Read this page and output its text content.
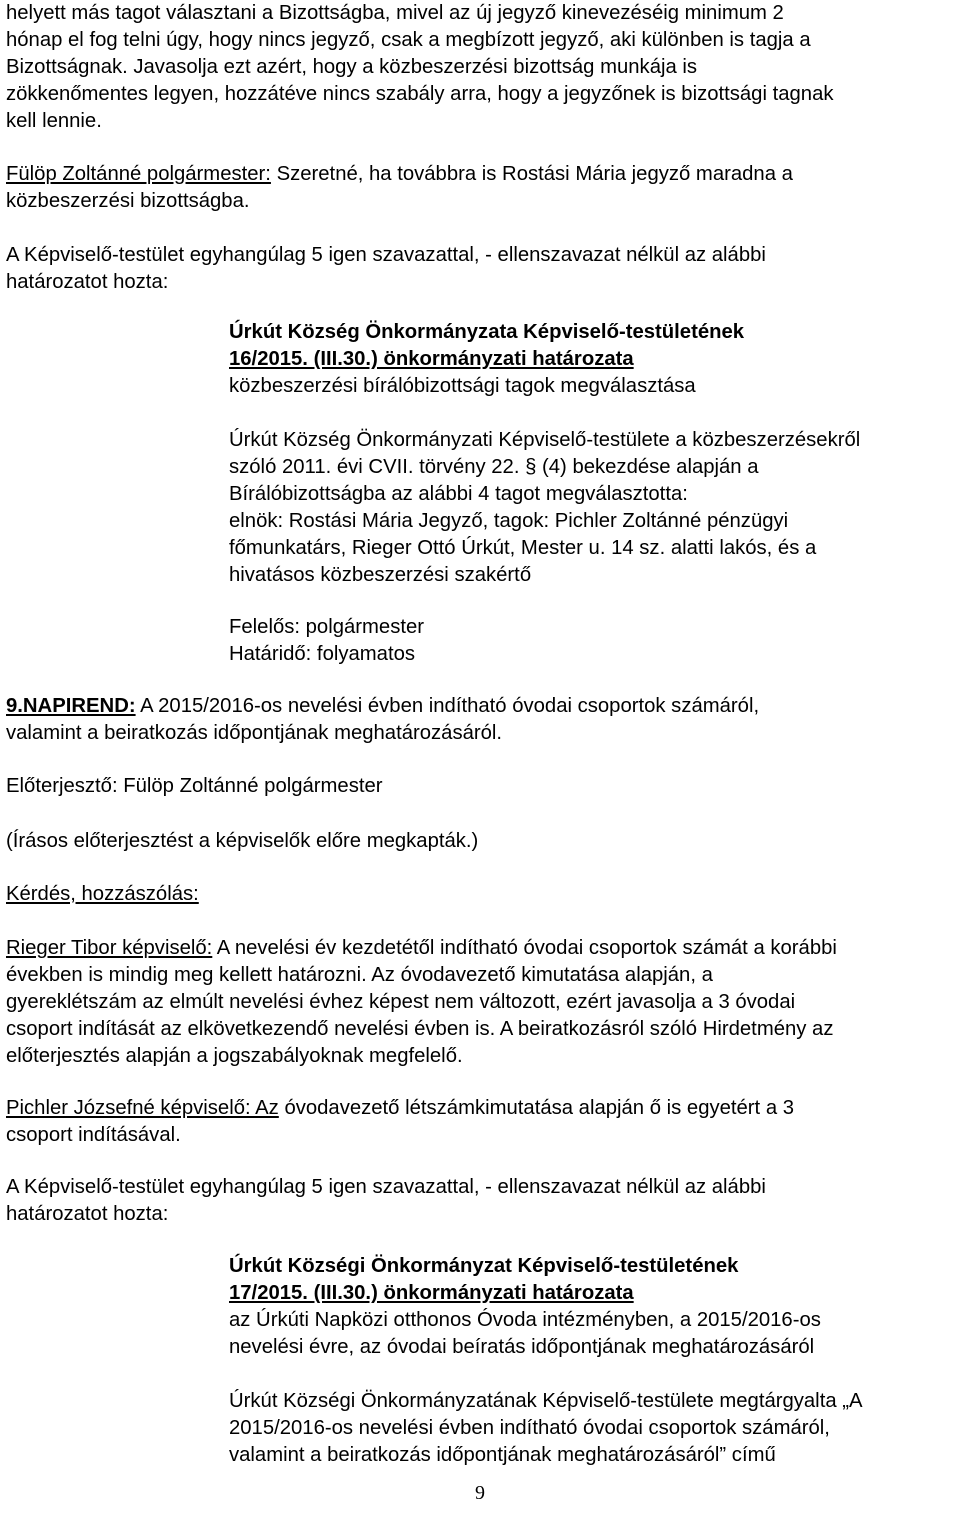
helyett más tagot választani a Bizottságba, mivel az új jegyző kinevezéséig minimum 2
hónap el fog telni úgy, hogy nincs jegyző, csak a megbízott jegyző, aki különben is tagja a
Bizottságnak. Javasolja ezt azért, hogy a közbeszerzési bizottság munkája is
zökkenőmentes legyen, hozzátéve nincs szabály arra, hogy a jegyzőnek is bizottsági tagnak
kell lennie.
Fülöp Zoltánné polgármester: Szeretné, ha továbbra is Rostási Mária jegyző maradna a
közbeszerzési bizottságba.
A Képviselő-testület egyhangúlag 5 igen szavazattal, - ellenszavazat nélkül az alábbi
határozatot hozta:
Úrkút Község Önkormányzata Képviselő-testületének
16/2015. (III.30.) önkormányzati határozata
közbeszerzési bírálóbizottsági tagok megválasztása
Úrkút Község Önkormányzati Képviselő-testülete a közbeszerzésekről
szóló 2011. évi CVII. törvény 22. § (4) bekezdése alapján a
Bírálóbizottságba az alábbi 4 tagot megválasztotta:
elnök: Rostási Mária Jegyző, tagok: Pichler Zoltánné pénzügyi
főmunkatárs, Rieger Ottó Úrkút, Mester u. 14 sz. alatti lakós, és a
hivatásos közbeszerzési szakértő
Felelős: polgármester
Határidő: folyamatos
9.NAPIREND: A 2015/2016-os nevelési évben indítható óvodai csoportok számáról,
valamint a beiratkozás időpontjának meghatározásáról.
Előterjesztő: Fülöp Zoltánné polgármester
(Írásos előterjesztést a képviselők előre megkapták.)
Kérdés, hozzászólás:
Rieger Tibor képviselő: A nevelési év kezdetétől indítható óvodai csoportok számát a korábbi
években is mindig meg kellett határozni. Az óvodavezető kimutatása alapján, a
gyereklétszám az elmúlt nevelési évhez képest nem változott, ezért javasolja a 3 óvodai
csoport indítását az elkövetkezendő nevelési évben is. A beiratkozásról szóló Hirdetmény az
előterjesztés alapján a jogszabályoknak megfelelő.
Pichler Józsefné képviselő: Az óvodavezető létszámkimutatása alapján ő is egyetért a 3
csoport indításával.
A Képviselő-testület egyhangúlag 5 igen szavazattal, - ellenszavazat nélkül az alábbi
határozatot hozta:
Úrkút Községi Önkormányzat Képviselő-testületének
17/2015. (III.30.) önkormányzati határozata
az Úrkúti Napközi otthonos Óvoda intézményben, a 2015/2016-os
nevelési évre, az óvodai beíratás időpontjának meghatározásáról
Úrkút Községi Önkormányzatának Képviselő-testülete megtárgyalta „A
2015/2016-os nevelési évben indítható óvodai csoportok számáról,
valamint a beiratkozás időpontjának meghatározásáról” című
9
